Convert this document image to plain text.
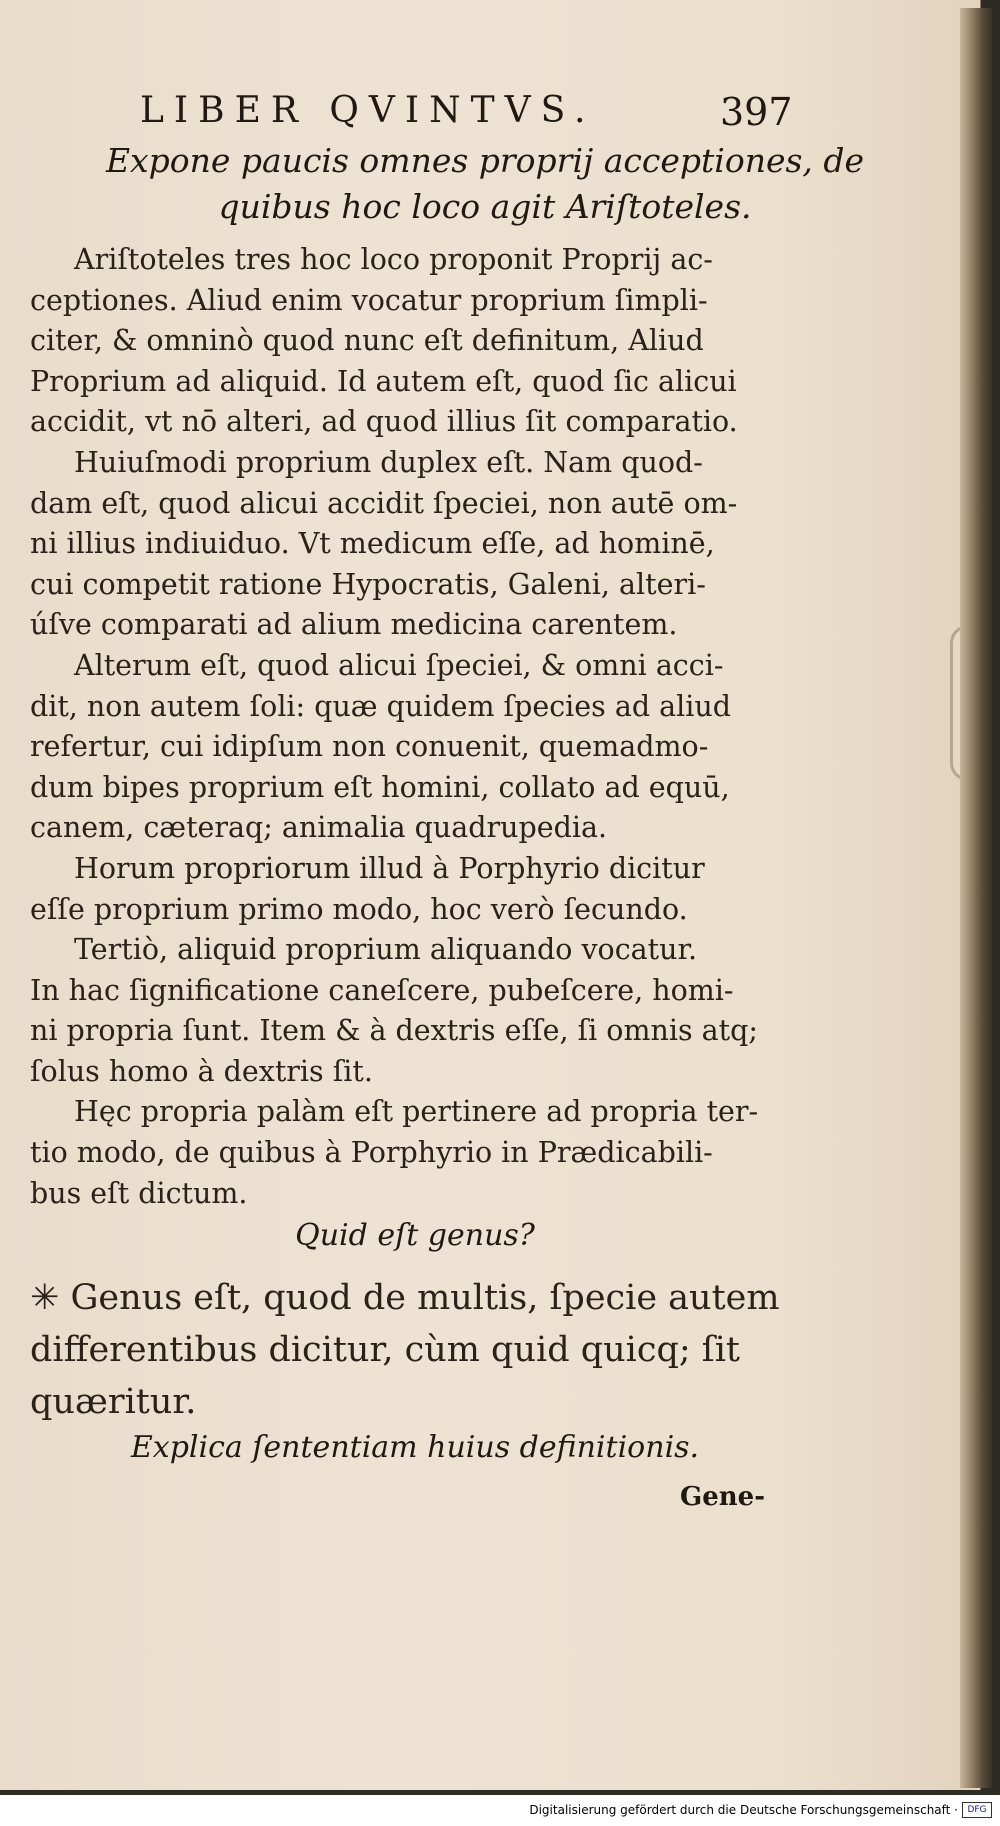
LIBER QVINTVS.	397
Expone paucis omnes proprij acceptiones, de
quibus hoc loco agit Ariſtoteles.

Ariſtoteles tres hoc loco proponit Proprij ac-
ceptiones. Aliud enim vocatur proprium ſimpli-
citer, & omninò quod nunc eſt definitum, Aliud
Proprium ad aliquid. Id autem eſt, quod ſic alicui
accidit, vt nō alteri, ad quod illius ſit comparatio.

Huiuſmodi proprium duplex eſt. Nam quod-
dam eſt, quod alicui accidit ſpeciei, non autē om-
ni illius indiuiduo. Vt medicum eſſe, ad hominē,
cui competit ratione Hypocratis, Galeni, alteri-
úſve comparati ad alium medicina carentem.

Alterum eſt, quod alicui ſpeciei, & omni acci-
dit, non autem ſoli: quæ quidem ſpecies ad aliud
refertur, cui idipſum non conuenit, quemadmo-
dum bipes proprium eſt homini, collato ad equū,
canem, cæteraq; animalia quadrupedia.

Horum propriorum illud à Porphyrio dicitur
eſſe proprium primo modo, hoc verò ſecundo.

Tertiò, aliquid proprium aliquando vocatur.
In hac ſignificatione caneſcere, pubeſcere, homi-
ni propria ſunt. Item & à dextris eſſe, ſi omnis atq;
ſolus homo à dextris ſit.

Hęc propria palàm eſt pertinere ad propria ter-
tio modo, de quibus à Porphyrio in Prædicabili-
bus eſt dictum.

Quid eſt genus?
✳ Genus eſt, quod de multis, ſpecie autem
differentibus dicitur, cùm quid quicq; ſit
quæritur.
Explica ſententiam huius definitionis.
Gene-
Digitalisierung gefördert durch die Deutsche Forschungsgemeinschaft ·	DFG
